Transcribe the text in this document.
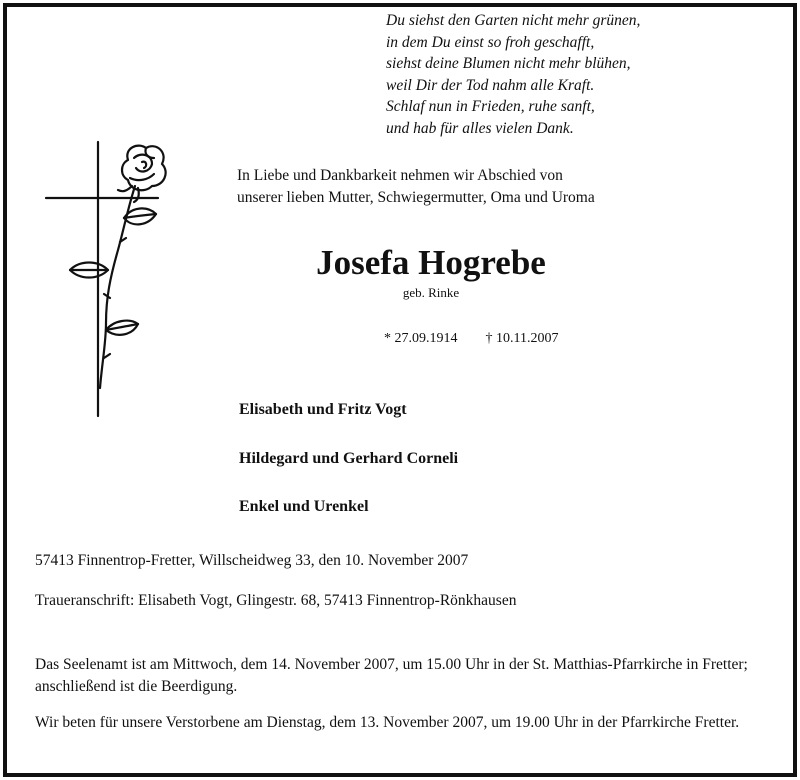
Du siehst den Garten nicht mehr grünen,
in dem Du einst so froh geschafft,
siehst deine Blumen nicht mehr blühen,
weil Dir der Tod nahm alle Kraft.
Schlaf nun in Frieden, ruhe sanft,
und hab für alles vielen Dank.
In Liebe und Dankbarkeit nehmen wir Abschied von
unserer lieben Mutter, Schwiegermutter, Oma und Uroma
Josefa Hogrebe
geb. Rinke
* 27.09.1914 † 10.11.2007
Elisabeth und Fritz Vogt
Hildegard und Gerhard Corneli
Enkel und Urenkel
57413 Finnentrop-Fretter, Willscheidweg 33, den 10. November 2007
Traueranschrift: Elisabeth Vogt, Glingestr. 68, 57413 Finnentrop-Rönkhausen
Das Seelenamt ist am Mittwoch, dem 14. November 2007, um 15.00 Uhr in der St. Matthias-Pfarrkirche in Fretter; anschließend ist die Beerdigung.
Wir beten für unsere Verstorbene am Dienstag, dem 13. November 2007, um 19.00 Uhr in der Pfarrkirche Fretter.
